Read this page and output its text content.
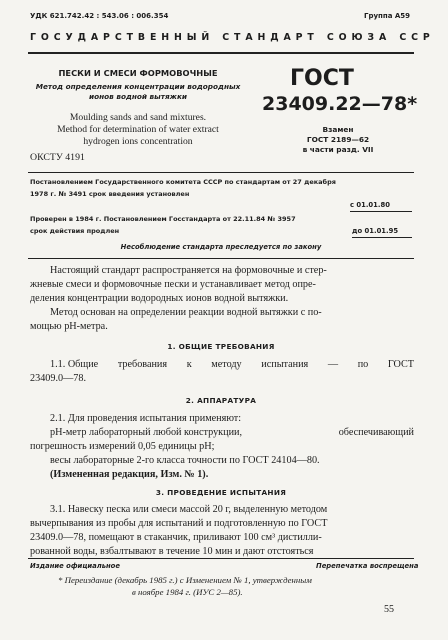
УДК 621.742.42 : 543.06 : 006.354	Группа А59
ГОСУДАРСТВЕННЫЙ СТАНДАРТ СОЮЗА ССР
ПЕСКИ И СМЕСИ ФОРМОВОЧНЫЕ
Метод определения концентрации водородных
ионов водной вытяжки
Moulding sands and sand mixtures.
Method for determination of water extract
hydrogen ions concentration
ОКСТУ 4191
ГОСТ
23409.22—78*
Взамен
ГОСТ 2189—62
в части разд. VII
Постановлением Государственного комитета СССР по стандартам от 27 декабря
1978 г. № 3491 срок введения установлен
с 01.01.80
Проверен в 1984 г. Постановлением Госстандарта от 22.11.84 № 3957
срок действия продлен	до 01.01.95
Несоблюдение стандарта преследуется по закону
Настоящий стандарт распространяется на формовочные и стер-
жневые смеси и формовочные пески и устанавливает метод опре-
деления концентрации водородных ионов водной вытяжки.
Метод основан на определении реакции водной вытяжки с по-
мощью рН-метра.
1. ОБЩИЕ ТРЕБОВАНИЯ
1.1. Общие требования к методу испытания — по ГОСТ
23409.0—78.
2. АППАРАТУРА
2.1. Для проведения испытания применяют:
рН-метр лабораторный любой конструкции,	обеспечивающий
погрешность измерений 0,05 единицы рН;
весы лабораторные 2-го класса точности по ГОСТ 24104—80.
(Измененная редакция, Изм. № 1).
3. ПРОВЕДЕНИЕ ИСПЫТАНИЯ
3.1. Навеску песка или смеси массой 20 г, выделенную методом
вычерпывания из пробы для испытаний и подготовленную по ГОСТ
23409.0—78, помещают в стаканчик, приливают 100 см³ дистилли-
рованной воды, взбалтывают в течение 10 мин и дают отстояться
Издание официальное	Перепечатка воспрещена
* Переиздание (декабрь 1985 г.) с Изменением № 1, утвержденным
в ноябре 1984 г. (ИУС 2—85).
55
